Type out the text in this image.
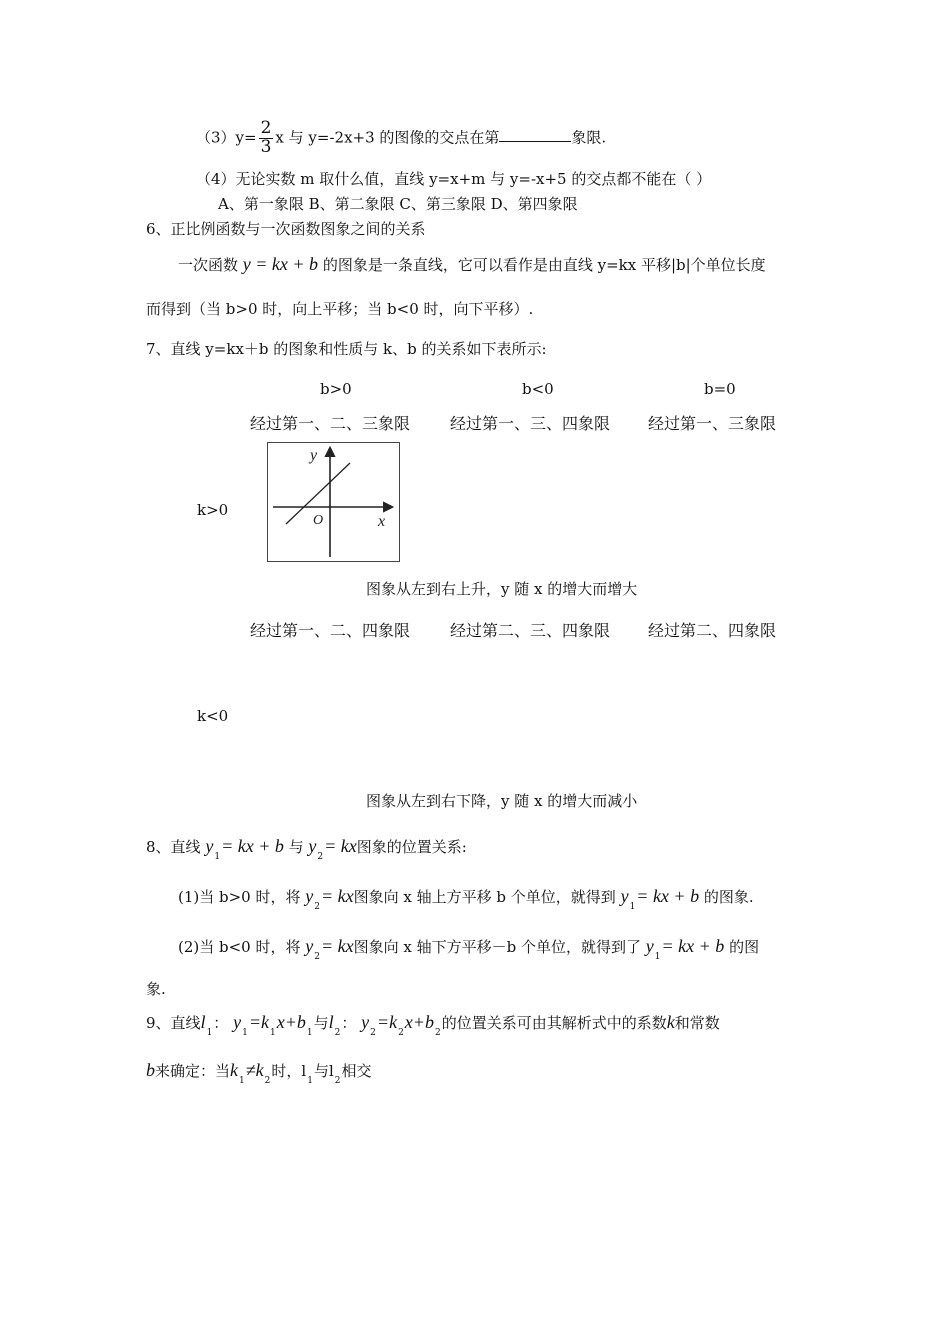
$(3)y= \frac{2}{3}$ x 与 y=-2x+3 的图像的交点在第	象限.
（4）无论实数 m 取什么值，直线 y=x+m 与 y=-x+5 的交点都不能在（ ）
A、第一象限 B、第二象限 C、第三象限 D、第四象限
6、正比例函数与一次函数图象之间的关系
一次函数 y = kx + b 的图象是一条直线，它可以看作是由直线 y=kx 平移|b|个单位长度
而得到（当 b>0 时，向上平移；当 b<0 时，向下平移）.
7、直线 y=kx＋b 的图象和性质与 k、b 的关系如下表所示:
b>0	b<0	b=0
经过第一、二、三象限 经过第一、三、四象限 经过第一、三象限
k>0
y
x
O
图象从左到右上升，y 随 x 的增大而增大
经过第一、二、四象限 经过第二、三、四象限 经过第二、四象限
k<0
图象从左到右下降，y 随 x 的增大而减小
8、直线 $y_1=$ kx + b 与 $y_2=$ kx图象的位置关系:
(1)当 b>0 时，将 $y_2=$ kx图象向 x 轴上方平移 b 个单位，就得到 $y_1=$ kx + b 的图象.
(2)当 b<0 时，将 $y_2=$ kx图象向 x 轴下方平移－b 个单位，就得到了 $y_1=$ kx + b 的图
象.
9、直线$l_1$： $y_1=k_1x+b_1$与$l_2$： $y_2=k_2x+b_2$的位置关系可由其解析式中的系数k和常数
b来确定：当$k_1\ne k_2$时，$l_1$与$l_2$相交
